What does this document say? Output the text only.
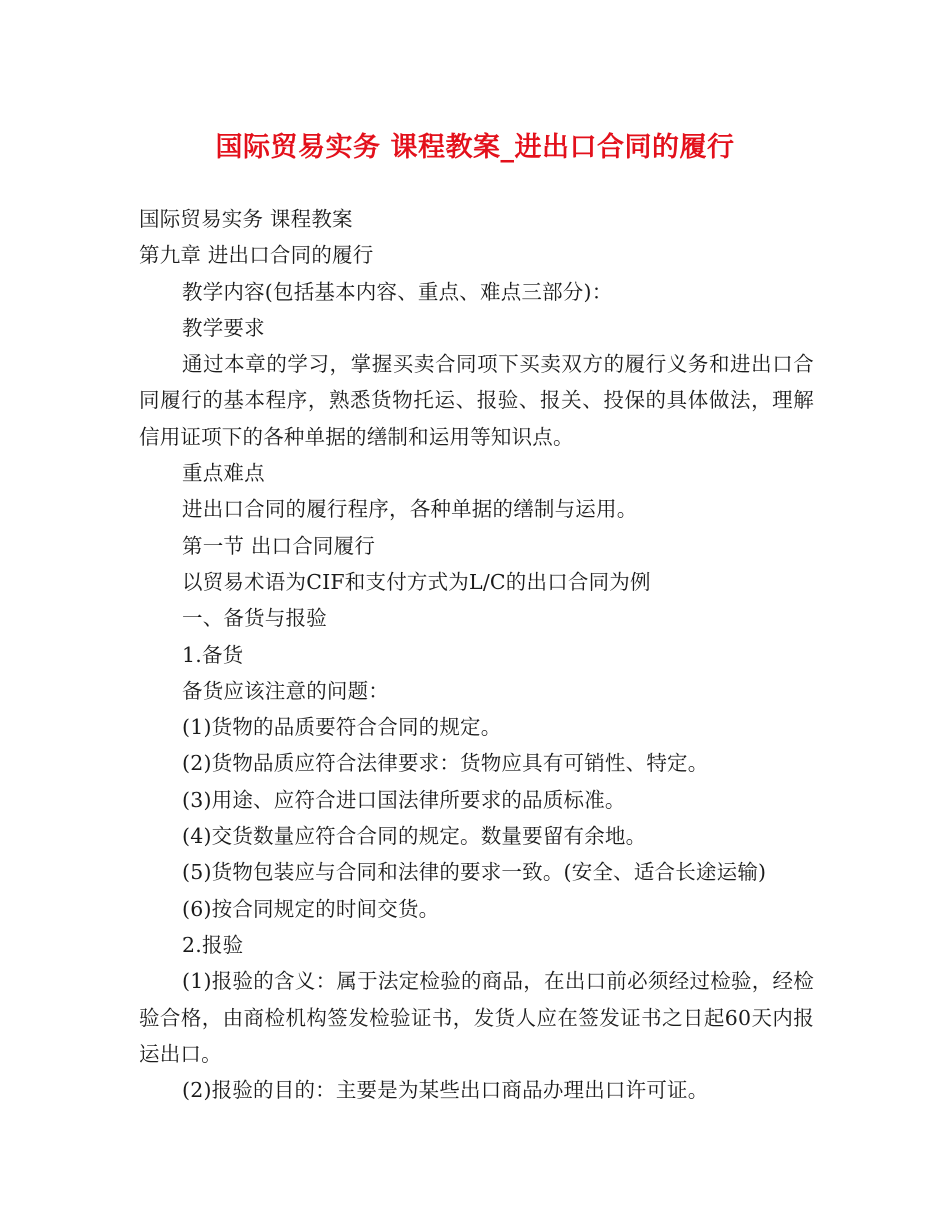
国际贸易实务 课程教案_进出口合同的履行
国际贸易实务 课程教案
第九章 进出口合同的履行
教学内容(包括基本内容、重点、难点三部分)：
教学要求
通过本章的学习，掌握买卖合同项下买卖双方的履行义务和进出口合同履行的基本程序，熟悉货物托运、报验、报关、投保的具体做法，理解信用证项下的各种单据的缮制和运用等知识点。
重点难点
进出口合同的履行程序，各种单据的缮制与运用。
第一节 出口合同履行
以贸易术语为CIF和支付方式为L/C的出口合同为例
一、备货与报验
1.备货
备货应该注意的问题：
(1)货物的品质要符合合同的规定。
(2)货物品质应符合法律要求：货物应具有可销性、特定。
(3)用途、应符合进口国法律所要求的品质标准。
(4)交货数量应符合合同的规定。数量要留有余地。
(5)货物包装应与合同和法律的要求一致。(安全、适合长途运输)
(6)按合同规定的时间交货。
2.报验
(1)报验的含义：属于法定检验的商品，在出口前必须经过检验，经检验合格，由商检机构签发检验证书，发货人应在签发证书之日起60天内报运出口。
(2)报验的目的：主要是为某些出口商品办理出口许可证。
